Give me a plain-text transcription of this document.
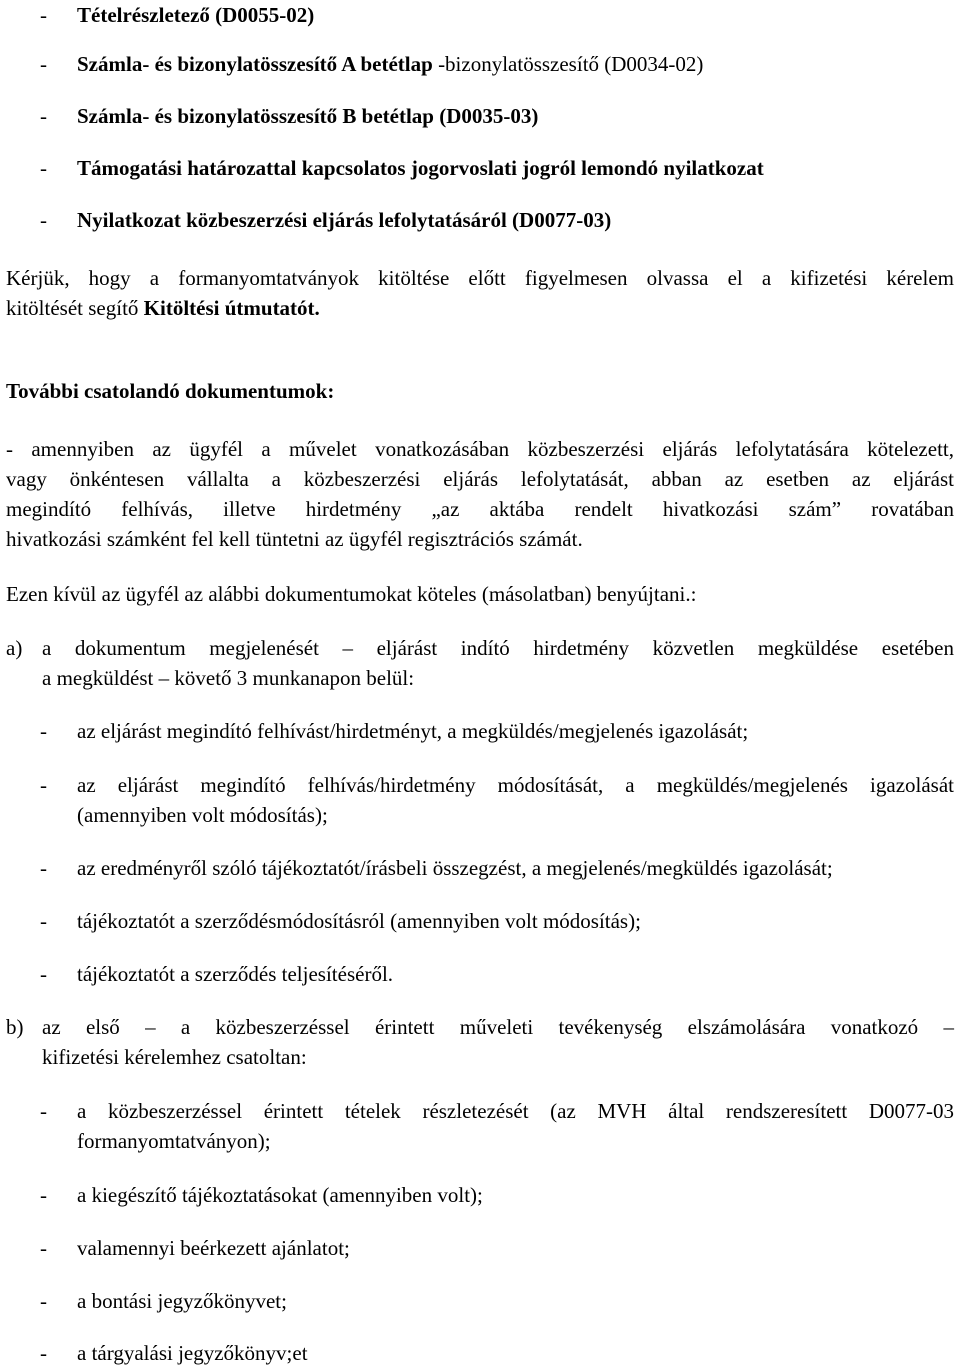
- Tételrészletező (D0055-02)
- Számla- és bizonylatösszesítő A betétlap -bizonylatösszesítő (D0034-02)
- Számla- és bizonylatösszesítő B betétlap (D0035-03)
- Támogatási határozattal kapcsolatos jogorvoslati jogról lemondó nyilatkozat
- Nyilatkozat közbeszerzési eljárás lefolytatásáról (D0077-03)
Kérjük, hogy a formanyomtatványok kitöltése előtt figyelmesen olvassa el a kifizetési kérelem
kitöltését segítő Kitöltési útmutatót.
További csatolandó dokumentumok:
- amennyiben az ügyfél a művelet vonatkozásában közbeszerzési eljárás lefolytatására kötelezett,
vagy önkéntesen vállalta a közbeszerzési eljárás lefolytatását, abban az esetben az eljárást
megindító felhívás, illetve hirdetmény „az aktába rendelt hivatkozási szám” rovatában
hivatkozási számként fel kell tüntetni az ügyfél regisztrációs számát.
Ezen kívül az ügyfél az alábbi dokumentumokat köteles (másolatban) benyújtani.:
a) a dokumentum megjelenését – eljárást indító hirdetmény közvetlen megküldése esetében
a megküldést – követő 3 munkanapon belül:
- az eljárást megindító felhívást/hirdetményt, a megküldés/megjelenés igazolását;
- az eljárást megindító felhívás/hirdetmény módosítását, a megküldés/megjelenés igazolását
(amennyiben volt módosítás);
- az eredményről szóló tájékoztatót/írásbeli összegzést, a megjelenés/megküldés igazolását;
- tájékoztatót a szerződésmódosításról (amennyiben volt módosítás);
- tájékoztatót a szerződés teljesítéséről.
b) az első – a közbeszerzéssel érintett műveleti tevékenység elszámolására vonatkozó –
kifizetési kérelemhez csatoltan:
- a közbeszerzéssel érintett tételek részletezését (az MVH által rendszeresített D0077-03
formanyomtatványon);
- a kiegészítő tájékoztatásokat (amennyiben volt);
- valamennyi beérkezett ajánlatot;
- a bontási jegyzőkönyvet;
- a tárgyalási jegyzőkönyv;et
